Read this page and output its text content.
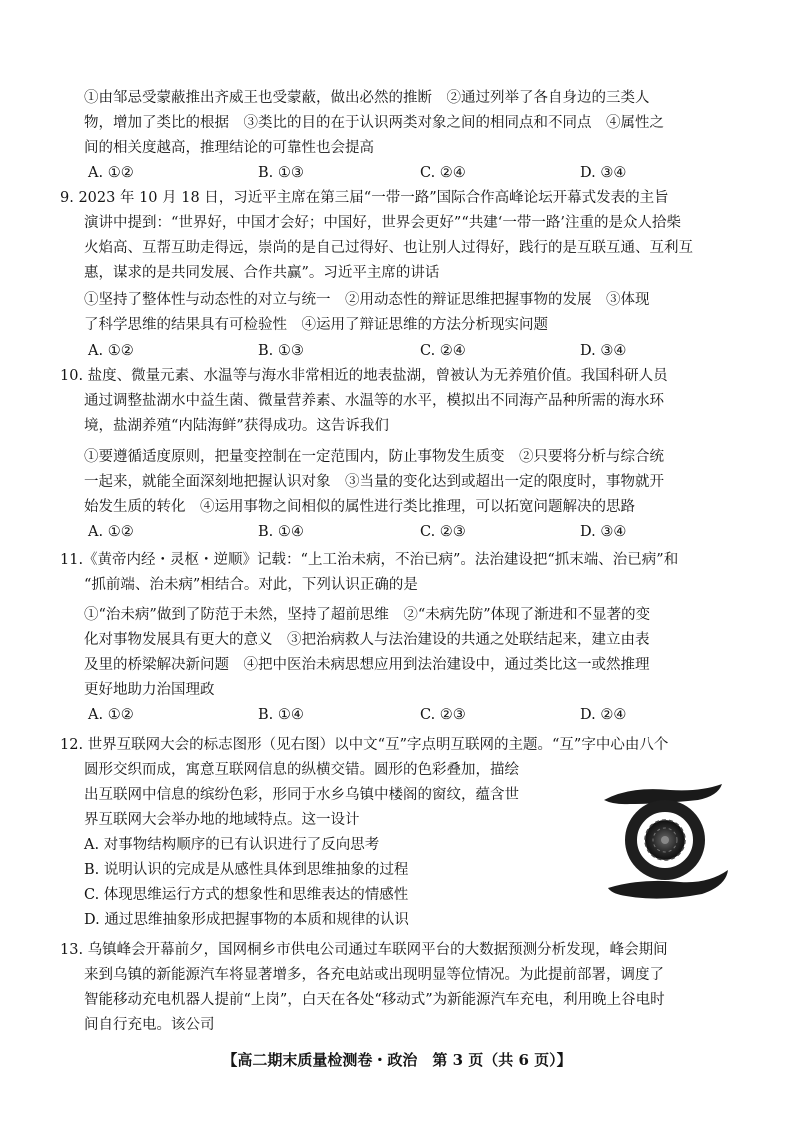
①由邹忌受蒙蔽推出齐威王也受蒙蔽，做出必然的推断　②通过列举了各自身边的三类人
物，增加了类比的根据　③类比的目的在于认识两类对象之间的相同点和不同点　④属性之
间的相关度越高，推理结论的可靠性也会提高
A. ①②	B. ①③	C. ②④	D. ③④
9. 2023 年 10 月 18 日，习近平主席在第三届“一带一路”国际合作高峰论坛开幕式发表的主旨
演讲中提到：“世界好，中国才会好；中国好，世界会更好”“共建‘一带一路’注重的是众人拾柴
火焰高、互帮互助走得远，崇尚的是自己过得好、也让别人过得好，践行的是互联互通、互利互
惠，谋求的是共同发展、合作共赢”。习近平主席的讲话
①坚持了整体性与动态性的对立与统一　②用动态性的辩证思维把握事物的发展　③体现
了科学思维的结果具有可检验性　④运用了辩证思维的方法分析现实问题
A. ①②	B. ①③	C. ②④	D. ③④
10. 盐度、微量元素、水温等与海水非常相近的地表盐湖，曾被认为无养殖价值。我国科研人员
通过调整盐湖水中益生菌、微量营养素、水温等的水平，模拟出不同海产品种所需的海水环
境，盐湖养殖“内陆海鲜”获得成功。这告诉我们
①要遵循适度原则，把量变控制在一定范围内，防止事物发生质变　②只要将分析与综合统
一起来，就能全面深刻地把握认识对象　③当量的变化达到或超出一定的限度时，事物就开
始发生质的转化　④运用事物之间相似的属性进行类比推理，可以拓宽问题解决的思路
A. ①②	B. ①④	C. ②③	D. ③④
11.《黄帝内经・灵枢・逆顺》记载：“上工治未病，不治已病”。法治建设把“抓末端、治已病”和
“抓前端、治未病”相结合。对此，下列认识正确的是
①“治未病”做到了防范于未然，坚持了超前思维　②“未病先防”体现了渐进和不显著的变
化对事物发展具有更大的意义　③把治病救人与法治建设的共通之处联结起来，建立由表
及里的桥梁解决新问题　④把中医治未病思想应用到法治建设中，通过类比这一或然推理
更好地助力治国理政
A. ①②	B. ①④	C. ②③	D. ②④
12. 世界互联网大会的标志图形（见右图）以中文“互”字点明互联网的主题。“互”字中心由八个
圆形交织而成，寓意互联网信息的纵横交错。圆形的色彩叠加，描绘
出互联网中信息的缤纷色彩，形同于水乡乌镇中楼阁的窗纹，蕴含世
界互联网大会举办地的地域特点。这一设计
A. 对事物结构顺序的已有认识进行了反向思考
B. 说明认识的完成是从感性具体到思维抽象的过程
C. 体现思维运行方式的想象性和思维表达的情感性
D. 通过思维抽象形成把握事物的本质和规律的认识
13. 乌镇峰会开幕前夕，国网桐乡市供电公司通过车联网平台的大数据预测分析发现，峰会期间
来到乌镇的新能源汽车将显著增多，各充电站或出现明显等位情况。为此提前部署，调度了
智能移动充电机器人提前“上岗”，白天在各处“移动式”为新能源汽车充电，利用晚上谷电时
间自行充电。该公司
【高二期末质量检测卷・政治　第 3 页（共 6 页）】
